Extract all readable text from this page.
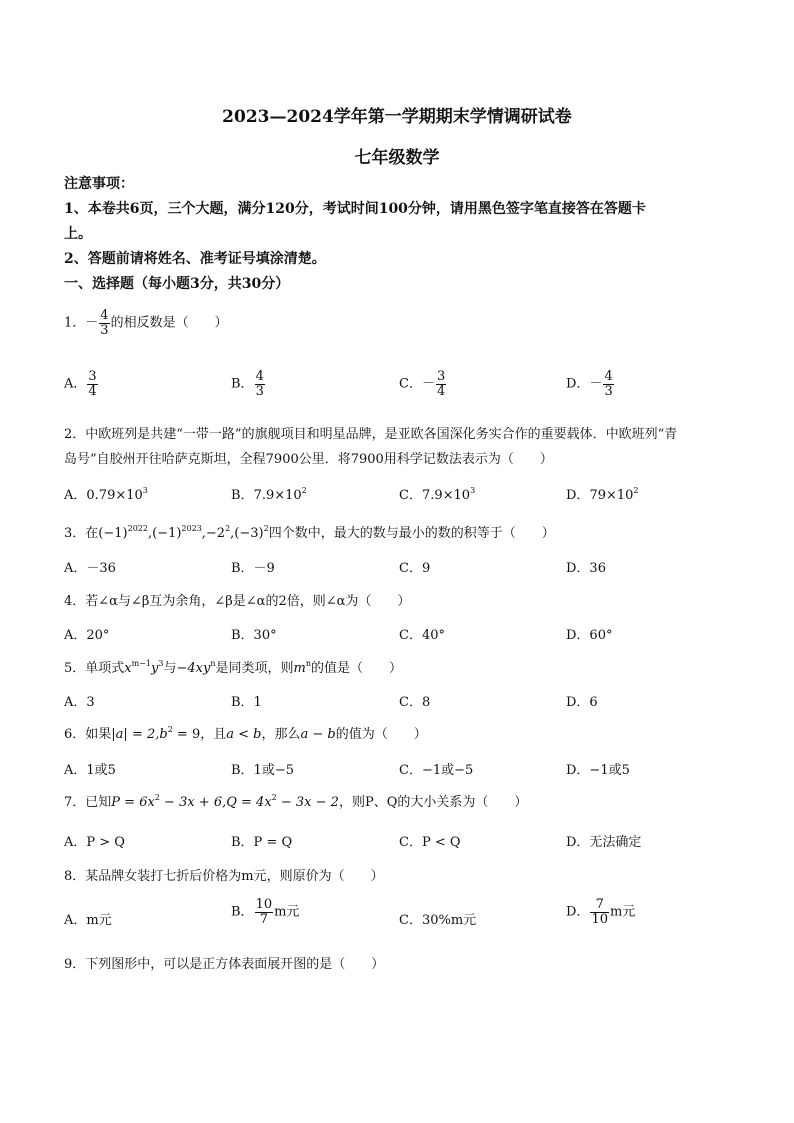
2023—2024学年第一学期期末学情调研试卷
七年级数学
注意事项：
1、本卷共6页，三个大题，满分120分，考试时间100分钟，请用黑色签字笔直接答在答题卡
上。
2、答题前请将姓名、准考证号填涂清楚。
一、选择题（每小题3分，共30分）
1．－ $\frac{4}{3}$ 的相反数是（　　）
A． $\frac{3}{4}$	B． $\frac{4}{3}$	C．－ $\frac{3}{4}$	D．－ $\frac{4}{3}$
2．中欧班列是共建“一带一路”的旗舰项目和明星品牌，是亚欧各国深化务实合作的重要载体．中欧班列“青
岛号”自胶州开往哈萨克斯坦，全程7900公里．将7900用科学记数法表示为（　　）
A．$0.79\times 10^3$	B．$7.9\times 10^2$	C．$7.9\times 10^3$	D．$79\times 10^2$
3．在$(-1)^{2022},(-1)^{2023},-2^2,(-3)^2$四个数中，最大的数与最小的数的积等于（　　）
A．－36	B．－9	C．9	D．36
4．若∠α与∠β互为余角，∠β是∠α的2倍，则∠α为（　　）
A．20°	B．30°	C．40°	D．60°
5．单项式$x^{m-1}y^3$与$-4xy^n$是同类项，则$m^n$的值是（　　）
A．3	B．1	C．8	D．6
6．如果$|a| = 2,b^2 = 9$，且a < b，那么a − b的值为（　　）
A．1或5	B．1或−5	C．−1或−5	D．−1或5
7．已知$P = 6x^2 - 3x + 6,Q = 4x^2 - 3x - 2$，则P、Q的大小关系为（　　）
A．P > Q	B．P = Q	C．P < Q	D．无法确定
8．某品牌女装打七折后价格为m元，则原价为（　　）
A．m元
B． $\frac{10}{7}$ m元
C．30%m元
D． $\frac{7}{10}$ m元
9．下列图形中，可以是正方体表面展开图的是（　　）
